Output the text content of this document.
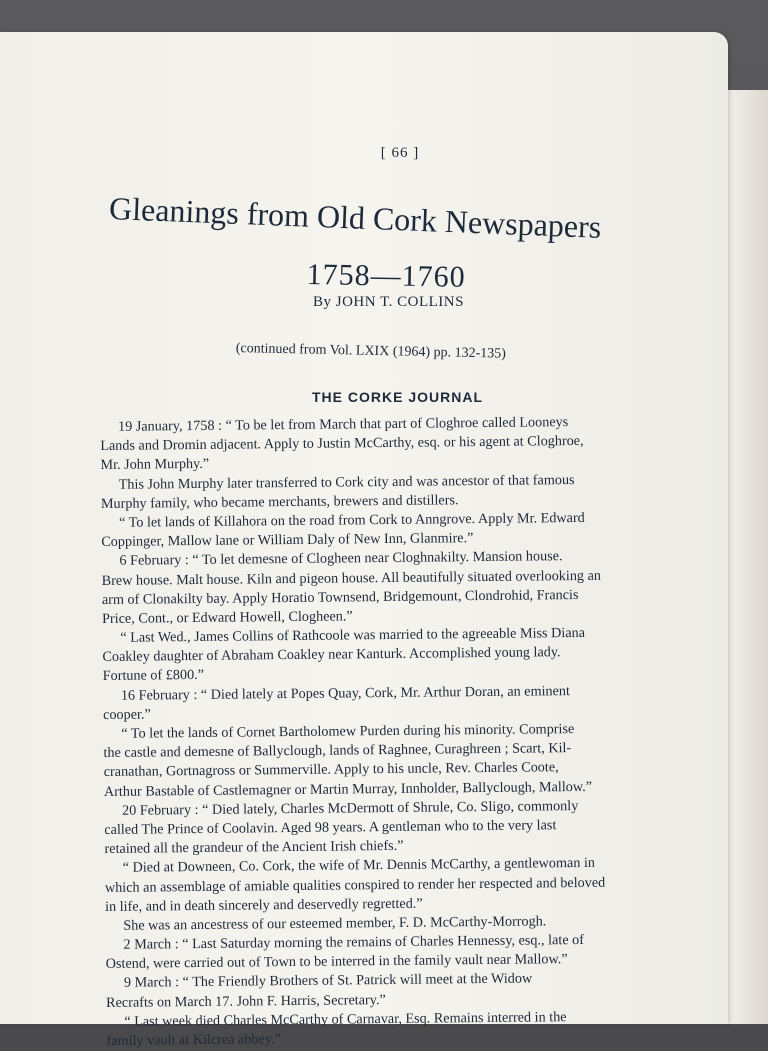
[ 66 ]
Gleanings from Old Cork Newspapers
1758—1760
By JOHN T. COLLINS
(continued from Vol. LXIX (1964) pp. 132-135)
THE CORKE JOURNAL
19 January, 1758 : “ To be let from March that part of Cloghroe called Looneys
Lands and Dromin adjacent. Apply to Justin McCarthy, esq. or his agent at Cloghroe,
Mr. John Murphy.”
This John Murphy later transferred to Cork city and was ancestor of that famous
Murphy family, who became merchants, brewers and distillers.
“ To let lands of Killahora on the road from Cork to Anngrove. Apply Mr. Edward
Coppinger, Mallow lane or William Daly of New Inn, Glanmire.”
6 February : “ To let demesne of Clogheen near Cloghnakilty. Mansion house.
Brew house. Malt house. Kiln and pigeon house. All beautifully situated overlooking an
arm of Clonakilty bay. Apply Horatio Townsend, Bridgemount, Clondrohid, Francis
Price, Cont., or Edward Howell, Clogheen.”
“ Last Wed., James Collins of Rathcoole was married to the agreeable Miss Diana
Coakley daughter of Abraham Coakley near Kanturk. Accomplished young lady.
Fortune of £800.”
16 February : “ Died lately at Popes Quay, Cork, Mr. Arthur Doran, an eminent
cooper.”
“ To let the lands of Cornet Bartholomew Purden during his minority. Comprise
the castle and demesne of Ballyclough, lands of Raghnee, Curaghreen ; Scart, Kil-
cranathan, Gortnagross or Summerville. Apply to his uncle, Rev. Charles Coote,
Arthur Bastable of Castlemagner or Martin Murray, Innholder, Ballyclough, Mallow.”
20 February : “ Died lately, Charles McDermott of Shrule, Co. Sligo, commonly
called The Prince of Coolavin. Aged 98 years. A gentleman who to the very last
retained all the grandeur of the Ancient Irish chiefs.”
“ Died at Downeen, Co. Cork, the wife of Mr. Dennis McCarthy, a gentlewoman in
which an assemblage of amiable qualities conspired to render her respected and beloved
in life, and in death sincerely and deservedly regretted.”
She was an ancestress of our esteemed member, F. D. McCarthy-Morrogh.
2 March : “ Last Saturday morning the remains of Charles Hennessy, esq., late of
Ostend, were carried out of Town to be interred in the family vault near Mallow.”
9 March : “ The Friendly Brothers of St. Patrick will meet at the Widow
Recrafts on March 17. John F. Harris, Secretary.”
“ Last week died Charles McCarthy of Carnavar, Esq. Remains interred in the
family vault at Kilcrea abbey.”
